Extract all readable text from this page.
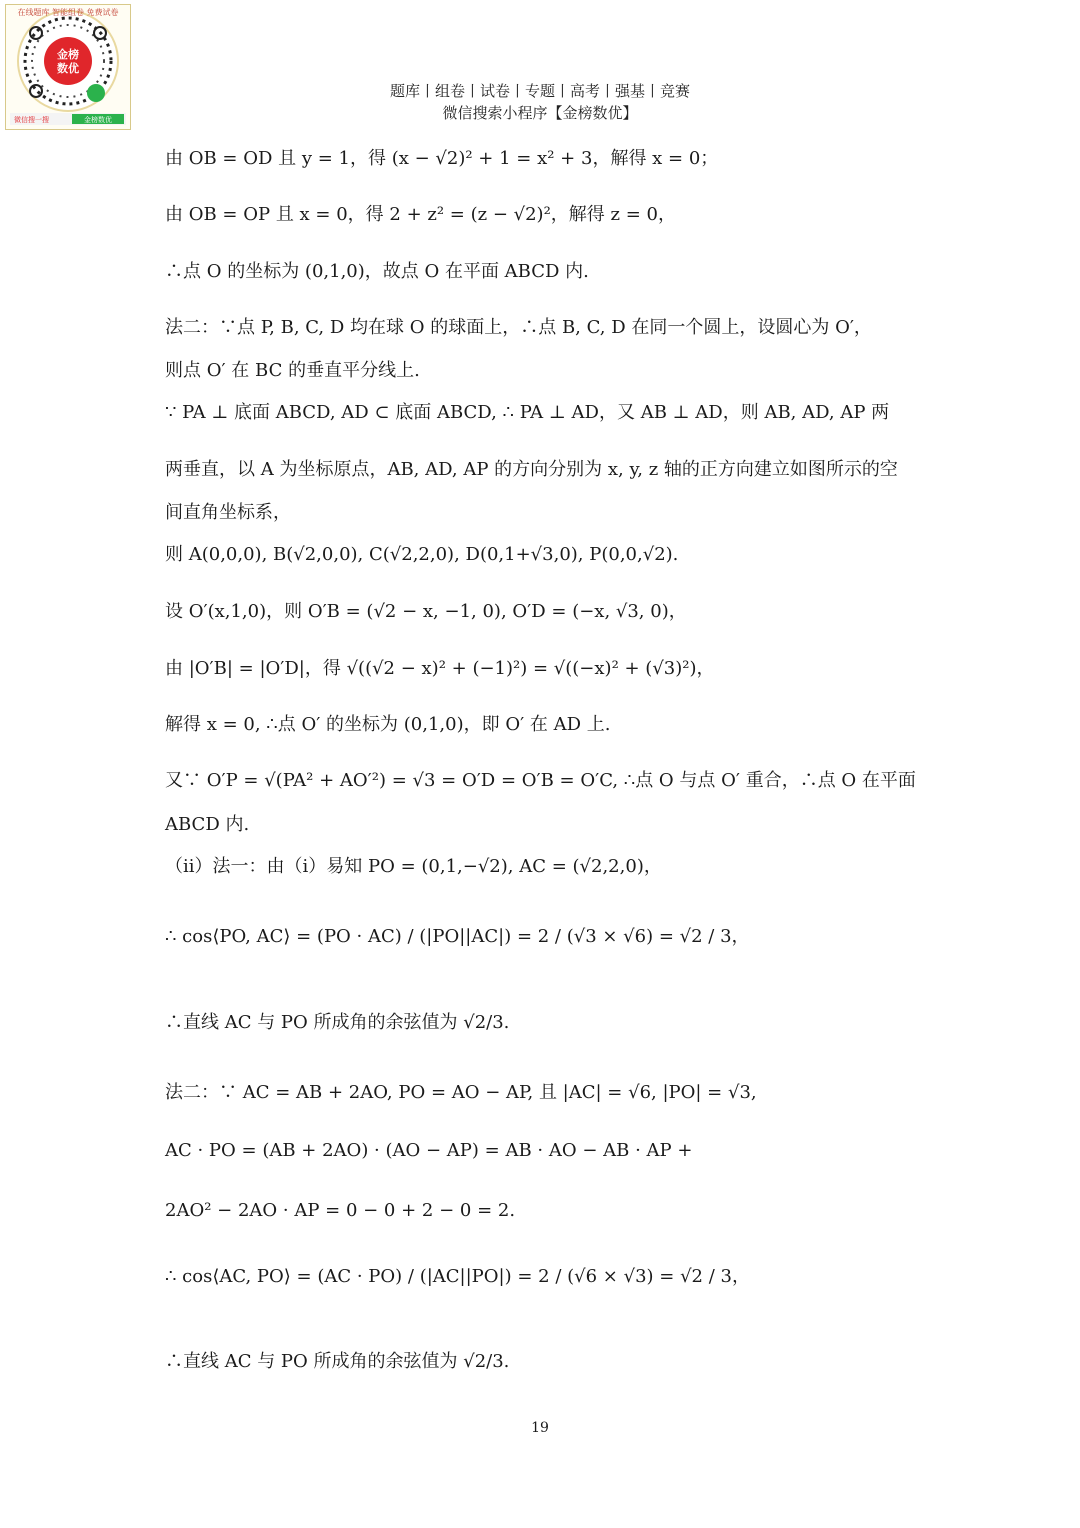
金榜
数优
在线题库 智能组卷 免费试卷
微信搜一搜	金榜数优
题库丨组卷丨试卷丨专题丨高考丨强基丨竞赛
微信搜索小程序【金榜数优】
由 OB = OD 且 y = 1，得 (x − √2)² + 1 = x² + 3，解得 x = 0；
由 OB = OP 且 x = 0，得 2 + z² = (z − √2)²，解得 z = 0，
∴点 O 的坐标为 (0,1,0)，故点 O 在平面 ABCD 内.
法二：∵点 P, B, C, D 均在球 O 的球面上，∴点 B, C, D 在同一个圆上，设圆心为 O′，
则点 O′ 在 BC 的垂直平分线上.
∵ PA ⊥ 底面 ABCD, AD ⊂ 底面 ABCD, ∴ PA ⊥ AD，又 AB ⊥ AD，则 AB, AD, AP 两
两垂直，以 A 为坐标原点，AB, AD, AP 的方向分别为 x, y, z 轴的正方向建立如图所示的空
间直角坐标系，
则 A(0,0,0), B(√2,0,0), C(√2,2,0), D(0,1+√3,0), P(0,0,√2).
设 O′(x,1,0)，则 O′B = (√2 − x, −1, 0), O′D = (−x, √3, 0)，
由 |O′B| = |O′D|，得 √((√2 − x)² + (−1)²) = √((−x)² + (√3)²)，
解得 x = 0, ∴点 O′ 的坐标为 (0,1,0)，即 O′ 在 AD 上.
又∵ O′P = √(PA² + AO′²) = √3 = O′D = O′B = O′C, ∴点 O 与点 O′ 重合，∴点 O 在平面
ABCD 内.
（ii）法一：由（i）易知 PO = (0,1,−√2), AC = (√2,2,0)，
∴ cos⟨PO, AC⟩ = (PO · AC) / (|PO||AC|) = 2 / (√3 × √6) = √2 / 3，
∴直线 AC 与 PO 所成角的余弦值为 √2/3.
法二：∵ AC = AB + 2AO, PO = AO − AP, 且 |AC| = √6, |PO| = √3,
AC · PO = (AB + 2AO) · (AO − AP) = AB · AO − AB · AP +
2AO² − 2AO · AP = 0 − 0 + 2 − 0 = 2.
∴ cos⟨AC, PO⟩ = (AC · PO) / (|AC||PO|) = 2 / (√6 × √3) = √2 / 3，
∴直线 AC 与 PO 所成角的余弦值为 √2/3.
19
